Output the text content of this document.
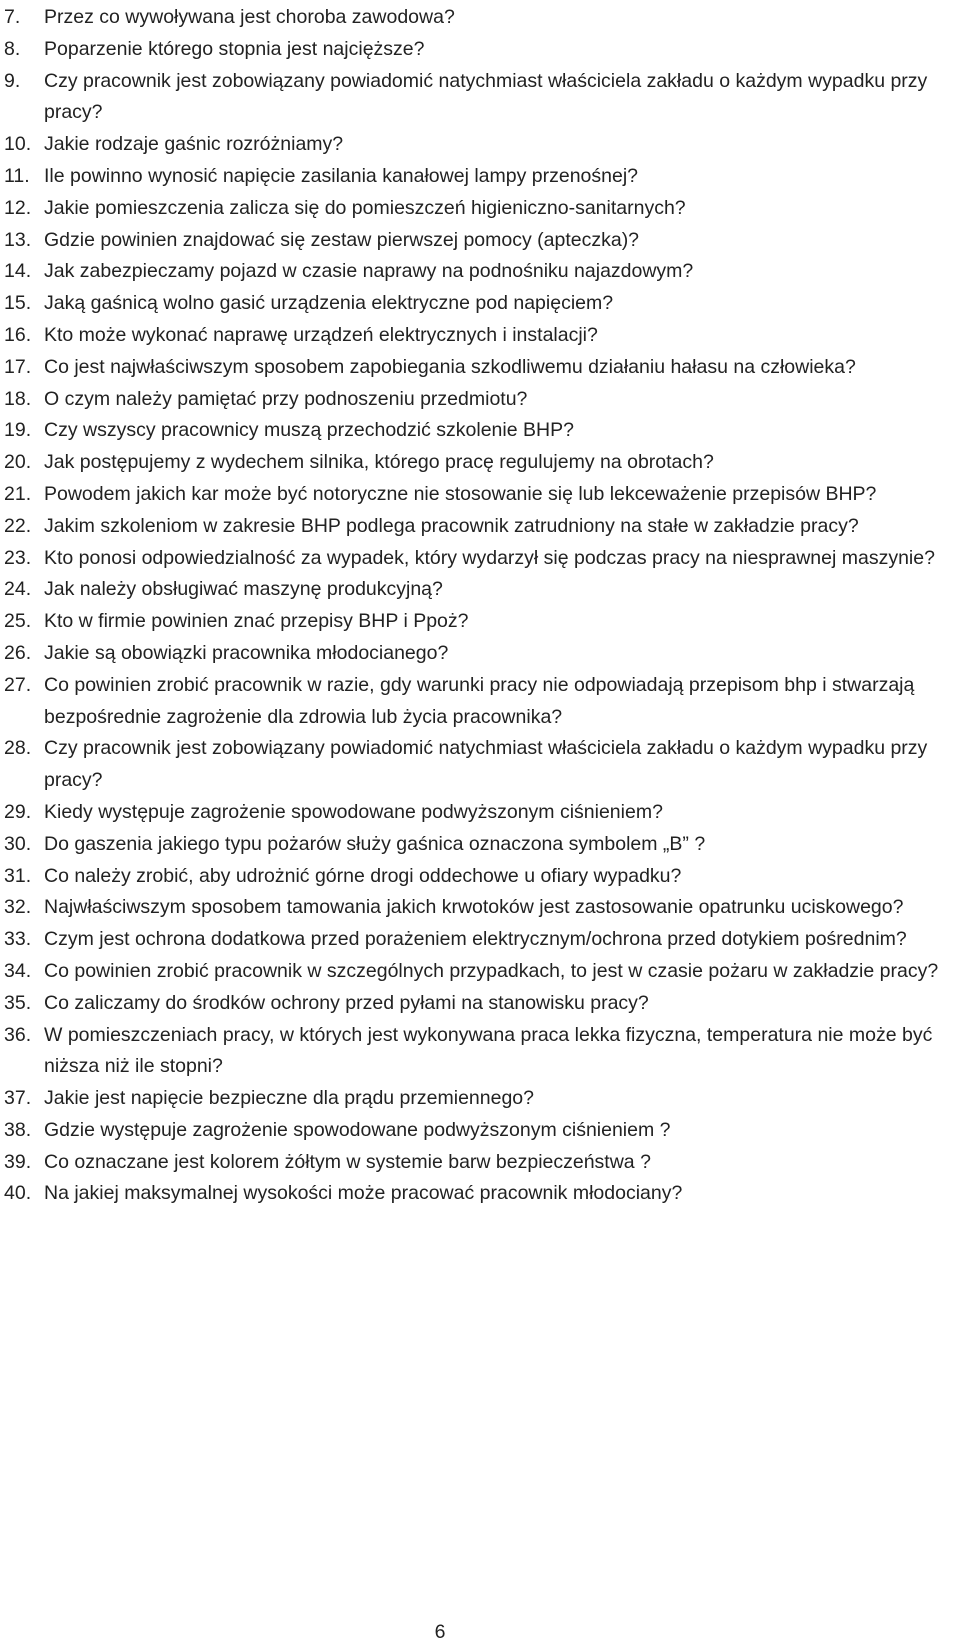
7. Przez co wywoływana jest choroba zawodowa?
8. Poparzenie którego stopnia jest najcięższe?
9. Czy pracownik jest zobowiązany powiadomić natychmiast właściciela zakładu o każdym wypadku przy pracy?
10. Jakie rodzaje gaśnic rozróżniamy?
11. Ile powinno wynosić napięcie zasilania kanałowej lampy przenośnej?
12. Jakie pomieszczenia zalicza się do pomieszczeń higieniczno-sanitarnych?
13. Gdzie powinien znajdować się zestaw pierwszej pomocy (apteczka)?
14. Jak zabezpieczamy pojazd w czasie naprawy na podnośniku najazdowym?
15. Jaką gaśnicą wolno gasić urządzenia elektryczne pod napięciem?
16. Kto może wykonać naprawę urządzeń elektrycznych i instalacji?
17. Co jest najwłaściwszym sposobem zapobiegania szkodliwemu działaniu hałasu na człowieka?
18. O czym należy pamiętać przy podnoszeniu przedmiotu?
19. Czy wszyscy pracownicy muszą przechodzić szkolenie BHP?
20. Jak postępujemy z wydechem silnika, którego pracę regulujemy na obrotach?
21. Powodem jakich kar może być notoryczne nie stosowanie się lub lekceważenie przepisów BHP?
22. Jakim szkoleniom w zakresie BHP podlega pracownik zatrudniony na stałe w zakładzie pracy?
23. Kto ponosi odpowiedzialność za wypadek, który wydarzył się podczas pracy na niesprawnej maszynie?
24. Jak należy obsługiwać maszynę produkcyjną?
25. Kto w firmie powinien znać przepisy BHP i Ppoż?
26. Jakie są obowiązki pracownika młodocianego?
27. Co powinien zrobić pracownik w razie, gdy warunki pracy nie odpowiadają przepisom bhp i stwarzają bezpośrednie zagrożenie dla zdrowia lub życia pracownika?
28. Czy pracownik jest zobowiązany powiadomić natychmiast właściciela zakładu o każdym wypadku przy pracy?
29. Kiedy występuje zagrożenie spowodowane podwyższonym ciśnieniem?
30. Do gaszenia jakiego typu pożarów służy gaśnica oznaczona symbolem „B” ?
31. Co należy zrobić, aby udrożnić górne drogi oddechowe u ofiary wypadku?
32. Najwłaściwszym sposobem tamowania jakich krwotoków jest zastosowanie opatrunku uciskowego?
33. Czym jest ochrona dodatkowa przed porażeniem elektrycznym/ochrona przed dotykiem pośrednim?
34. Co powinien zrobić pracownik w szczególnych przypadkach, to jest w czasie pożaru w zakładzie pracy?
35. Co zaliczamy do środków ochrony przed pyłami na stanowisku pracy?
36. W pomieszczeniach pracy, w których jest wykonywana praca lekka fizyczna, temperatura nie może być niższa niż ile stopni?
37. Jakie jest napięcie bezpieczne dla prądu przemiennego?
38. Gdzie występuje zagrożenie spowodowane podwyższonym ciśnieniem ?
39. Co oznaczane jest kolorem żółtym w systemie barw bezpieczeństwa ?
40. Na jakiej maksymalnej wysokości może pracować pracownik młodociany?
6
